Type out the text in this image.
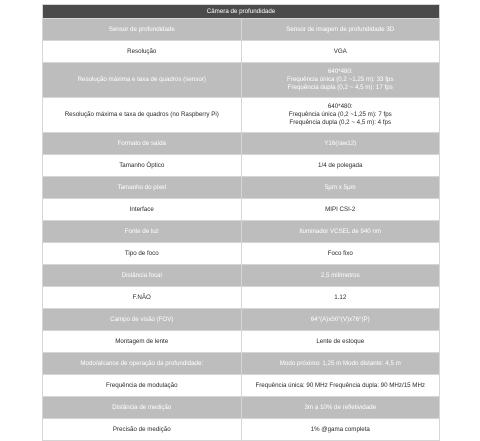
Câmera de profundidade	
Sensor de profundidade	Sensor de imagem de profundidade 3D

Resolução	VGA

Resolução máxima e taxa de quadros (sensor)	640*480:
Frequência única (0,2 ~1,25 m): 33 fps
Frequência dupla (0,2 ~ 4,5 m): 17 fps

Resolução máxima e taxa de quadros (no Raspberry Pi)	640*480:
Frequência única (0,2 ~1,25 m): 7 fps
Frequência dupla (0,2 ~ 4,5 m): 4 fps

Formato de saída	Y16(raw12)

Tamanho Óptico	1/4 de polegada

Tamanho do pixel	5μm x 5μm

Interface	MIPI CSI-2

Fonte de luz	Iluminador VCSEL de 940 nm

Tipo de foco	Foco fixo

Distância focal	2,5 milímetros

F.NÃO	1.12

Campo de visão (FOV)	64°(A)x50°(V)x76°(P)

Montagem de lente	Lente de estoque

Modo/alcance de operação da profundidade:	Modo próximo: 1,25 m Modo distante: 4,5 m

Frequência de modulação	Frequência única: 90 MHz Frequência dupla: 90 MHz/15 MHz

Distância de medição	3m a 10% de refletividade

Precisão de medição	1% @gama completa
